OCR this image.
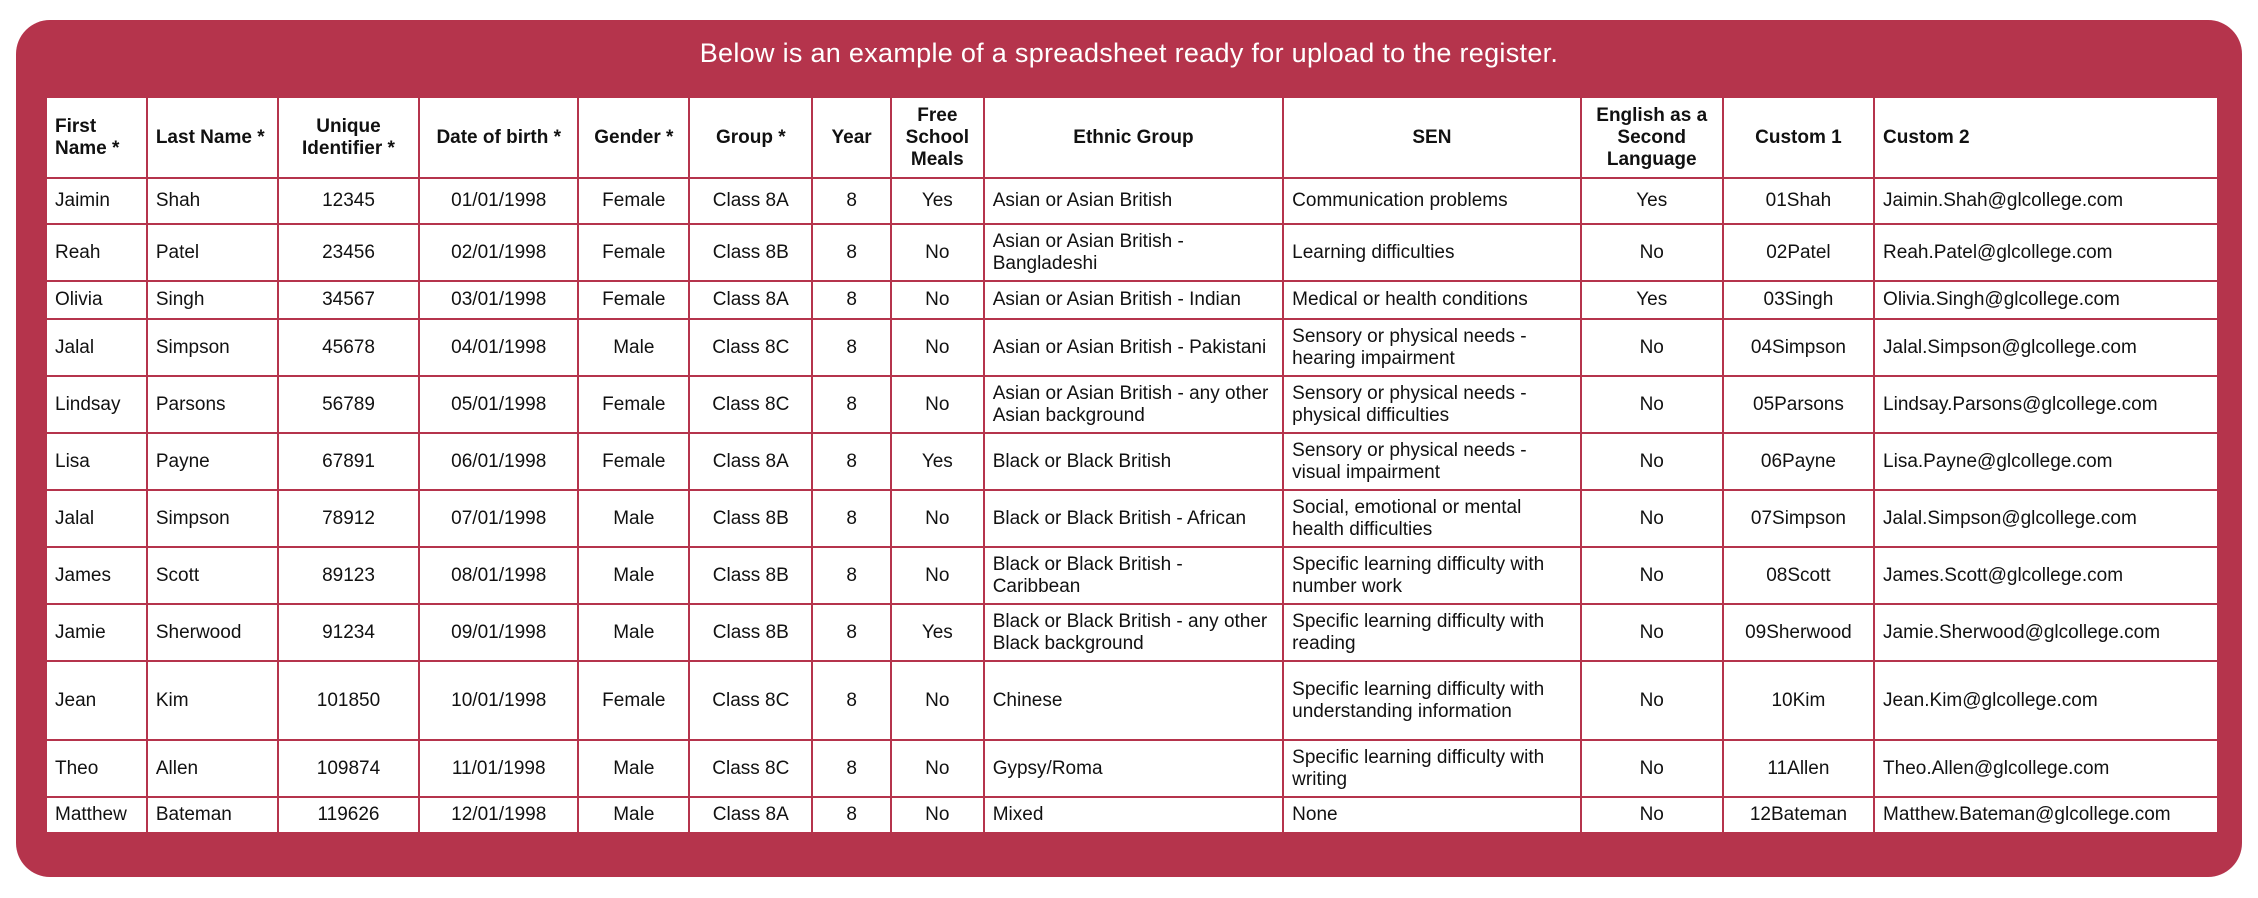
Below is an example of a spreadsheet ready for upload to the register.
First Name *	Last Name *	Unique Identifier *	Date of birth *	Gender *	Group *	Year	Free School Meals	Ethnic Group	SEN	English as a Second Language	Custom 1	Custom 2
Jaimin	Shah	12345	01/01/1998	Female	Class 8A	8	Yes	Asian or Asian British	Communication problems	Yes	01Shah	Jaimin.Shah@glcollege.com
Reah	Patel	23456	02/01/1998	Female	Class 8B	8	No	Asian or Asian British - Bangladeshi	Learning difficulties	No	02Patel	Reah.Patel@glcollege.com
Olivia	Singh	34567	03/01/1998	Female	Class 8A	8	No	Asian or Asian British - Indian	Medical or health conditions	Yes	03Singh	Olivia.Singh@glcollege.com
Jalal	Simpson	45678	04/01/1998	Male	Class 8C	8	No	Asian or Asian British - Pakistani	Sensory or physical needs - hearing impairment	No	04Simpson	Jalal.Simpson@glcollege.com
Lindsay	Parsons	56789	05/01/1998	Female	Class 8C	8	No	Asian or Asian British - any other Asian background	Sensory or physical needs - physical difficulties	No	05Parsons	Lindsay.Parsons@glcollege.com
Lisa	Payne	67891	06/01/1998	Female	Class 8A	8	Yes	Black or Black British	Sensory or physical needs - visual impairment	No	06Payne	Lisa.Payne@glcollege.com
Jalal	Simpson	78912	07/01/1998	Male	Class 8B	8	No	Black or Black British - African	Social, emotional or mental health difficulties	No	07Simpson	Jalal.Simpson@glcollege.com
James	Scott	89123	08/01/1998	Male	Class 8B	8	No	Black or Black British - Caribbean	Specific learning difficulty with number work	No	08Scott	James.Scott@glcollege.com
Jamie	Sherwood	91234	09/01/1998	Male	Class 8B	8	Yes	Black or Black British - any other Black background	Specific learning difficulty with reading	No	09Sherwood	Jamie.Sherwood@glcollege.com
Jean	Kim	101850	10/01/1998	Female	Class 8C	8	No	Chinese	Specific learning difficulty with understanding information	No	10Kim	Jean.Kim@glcollege.com
Theo	Allen	109874	11/01/1998	Male	Class 8C	8	No	Gypsy/Roma	Specific learning difficulty with writing	No	11Allen	Theo.Allen@glcollege.com
Matthew	Bateman	119626	12/01/1998	Male	Class 8A	8	No	Mixed	None	No	12Bateman	Matthew.Bateman@glcollege.com
